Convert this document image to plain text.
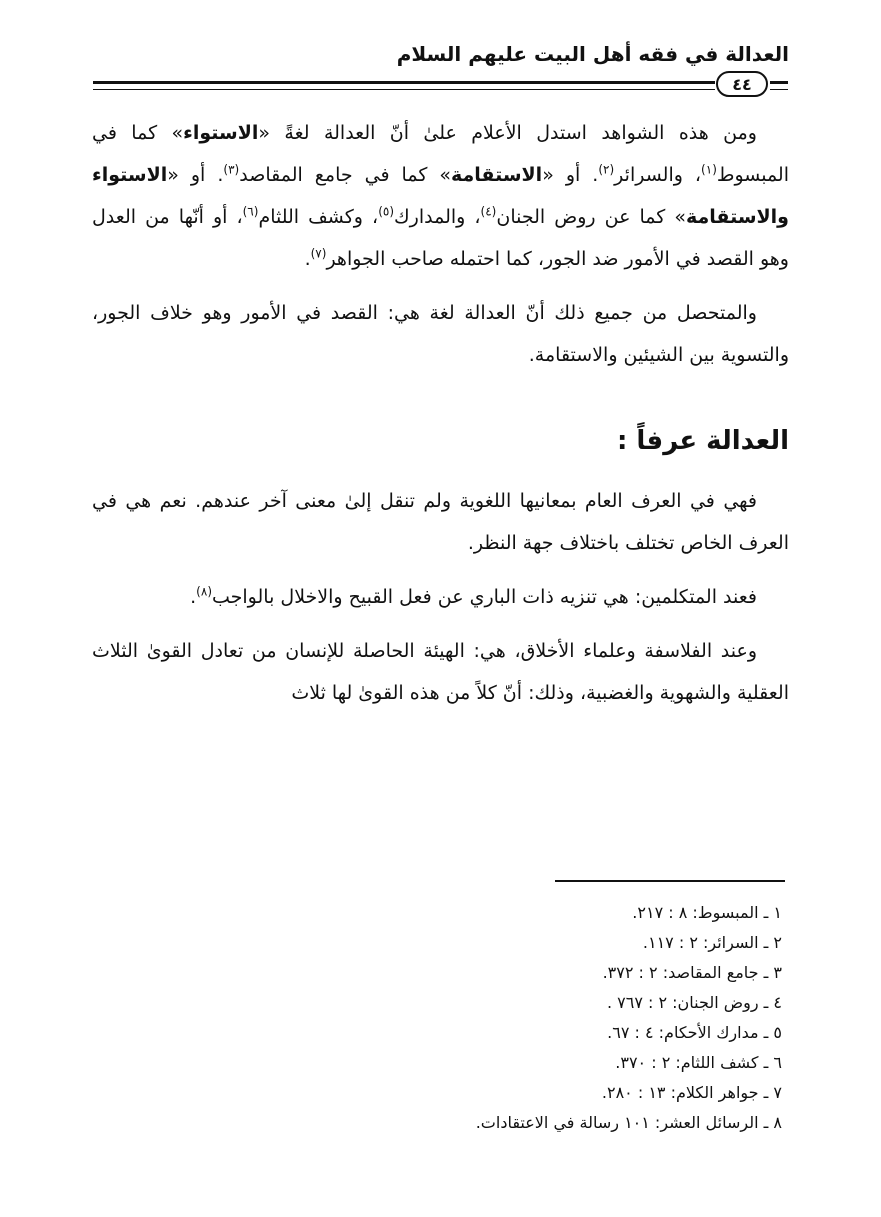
العدالة في فقه أهل البيت عليهم السلام
٤٤

ومن هذه الشواهد استدل الأعلام علىٰ أنّ العدالة لغةً «الاستواء» كما في المبسوط$^{(١)}$، والسرائر$^{(٢)}$. أو «الاستقامة» كما في جامع المقاصد$^{(٣)}$. أو «الاستواء والاستقامة» كما عن روض الجنان$^{(٤)}$، والمدارك$^{(٥)}$، وكشف اللثام$^{(٦)}$، أو أنّها من العدل وهو القصد في الأمور ضد الجور، كما احتمله صاحب الجواهر$^{(٧)}$.

والمتحصل من جميع ذلك أنّ العدالة لغة هي: القصد في الأمور وهو خلاف الجور، والتسوية بين الشيئين والاستقامة.

العدالة عرفاً :

فهي في العرف العام بمعانيها اللغوية ولم تنقل إلىٰ معنى آخر عندهم. نعم هي في العرف الخاص تختلف باختلاف جهة النظر.

فعند المتكلمين: هي تنزيه ذات الباري عن فعل القبيح والاخلال بالواجب$^{(٨)}$.

وعند الفلاسفة وعلماء الأخلاق، هي: الهيئة الحاصلة للإنسان من تعادل القوىٰ الثلاث العقلية والشهوية والغضبية، وذلك: أنّ كلاً من هذه القوىٰ لها ثلاث

١ ـ المبسوط: ٨ : ٢١٧.
٢ ـ السرائر: ٢ : ١١٧.
٣ ـ جامع المقاصد: ٢ : ٣٧٢.
٤ ـ روض الجنان: ٢ : ٧٦٧ .
٥ ـ مدارك الأحكام: ٤ : ٦٧.
٦ ـ كشف اللثام: ٢ : ٣٧٠.
٧ ـ جواهر الكلام: ١٣ : ٢٨٠.
٨ ـ الرسائل العشر: ١٠١ رسالة في الاعتقادات.
